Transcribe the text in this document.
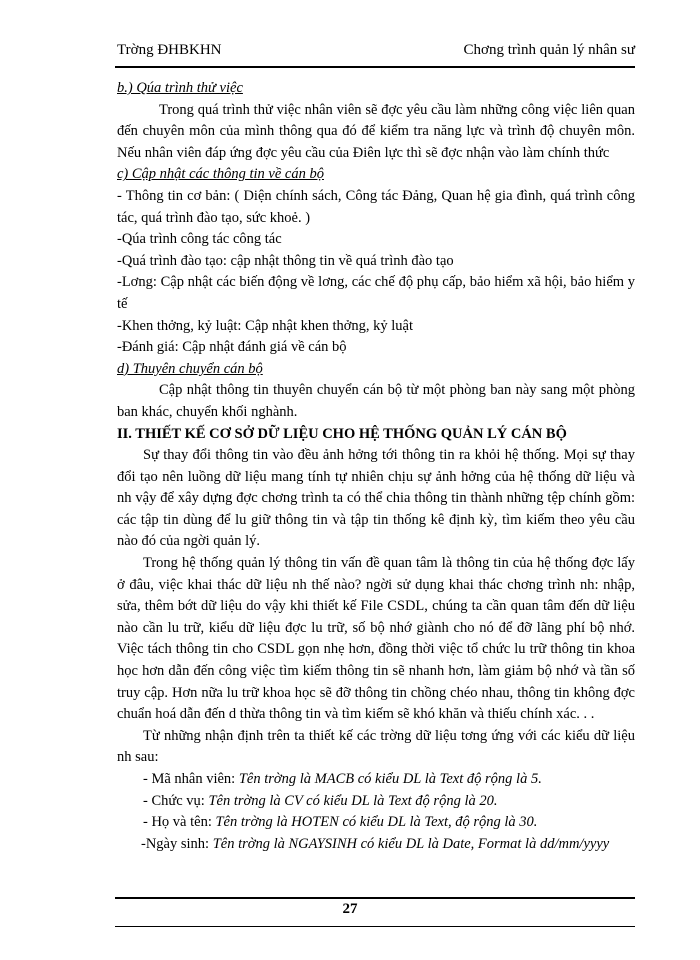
Trờng ĐHBKHN	Chơng trình quản lý nhân sư

b.) Qúa trình thử việc

Trong quá trình thử việc nhân viên sẽ đợc yêu cầu làm những công việc liên quan đến chuyên môn của mình thông qua đó để kiểm tra năng lực và trình độ chuyên môn. Nếu nhân viên đáp ứng đợc yêu cầu của Điên lực thì sẽ đợc nhận vào làm chính thức

c) Cập nhật các thông tin về cán bộ

- Thông tin cơ bản: ( Diện chính sách, Công tác Đảng, Quan hệ gia đình, quá trình công tác, quá trình đào tạo, sức khoẻ. )

-Qúa trình công tác công tác

-Quá trình đào tạo: cập nhật thông tin về quá trình đào tạo

-Lơng: Cập nhật các biến động về lơng, các chế độ phụ cấp, bảo hiểm xã hội, bảo hiểm y tế

-Khen thởng, kỷ luật: Cập nhật khen thởng, kỷ luật

-Đánh giá: Cập nhật đánh giá về cán bộ

d) Thuyên chuyển cán bộ

Cập nhật thông tin thuyên chuyển cán bộ từ một phòng ban này sang một phòng ban khác, chuyển khối nghành.

II. THIẾT KẾ CƠ SỞ DỮ LIỆU CHO HỆ THỐNG QUẢN LÝ CÁN BỘ

Sự thay đổi thông tin vào đều ảnh hởng tới thông tin ra khỏi hệ thống. Mọi sự thay đổi tạo nên luồng dữ liệu mang tính tự nhiên chịu sự ảnh hởng của hệ thống dữ liệu và nh vậy để xây dựng đợc chơng trình ta có thể chia thông tin thành những tệp chính gồm: các tập tin dùng để lu giữ thông tin và tập tin thống kê định kỳ, tìm kiếm theo yêu cầu nào đó của ngời quản lý.

Trong hệ thống quản lý thông tin vấn đề quan tâm là thông tin của hệ thống đợc lấy ở đâu, việc khai thác dữ liệu nh thế nào? ngời sử dụng khai thác chơng trình nh: nhập, sửa, thêm bớt dữ liệu do vậy khi thiết kế File CSDL, chúng ta cần quan tâm đến dữ liệu nào cần lu trữ, kiểu dữ liệu đợc lu trữ, số bộ nhớ giành cho nó để đỡ lãng phí bộ nhớ. Việc tách thông tin cho CSDL gọn nhẹ hơn, đồng thời việc tổ chức lu trữ thông tin khoa học hơn dẫn đến công việc tìm kiếm thông tin sẽ nhanh hơn, làm giảm bộ nhớ và tần số truy cập. Hơn nữa lu trữ khoa học sẽ đỡ thông tin chồng chéo nhau, thông tin không đợc chuẩn hoá dẫn đến d thừa thông tin và tìm kiếm sẽ khó khăn và thiếu chính xác. . .

Từ những nhận định trên ta thiết kế các trờng dữ liệu tơng ứng với các kiểu dữ liệu nh sau:

- Mã nhân viên: Tên trờng là MACB có kiểu DL là Text độ rộng là 5.

- Chức vụ: Tên trờng là CV có kiểu DL là Text độ rộng là 20.

- Họ và tên: Tên trờng là HOTEN có kiểu DL là Text, độ rộng là 30.

-Ngày sinh: Tên trờng là NGAYSINH có kiểu DL là Date, Format là dd/mm/yyyy

27
